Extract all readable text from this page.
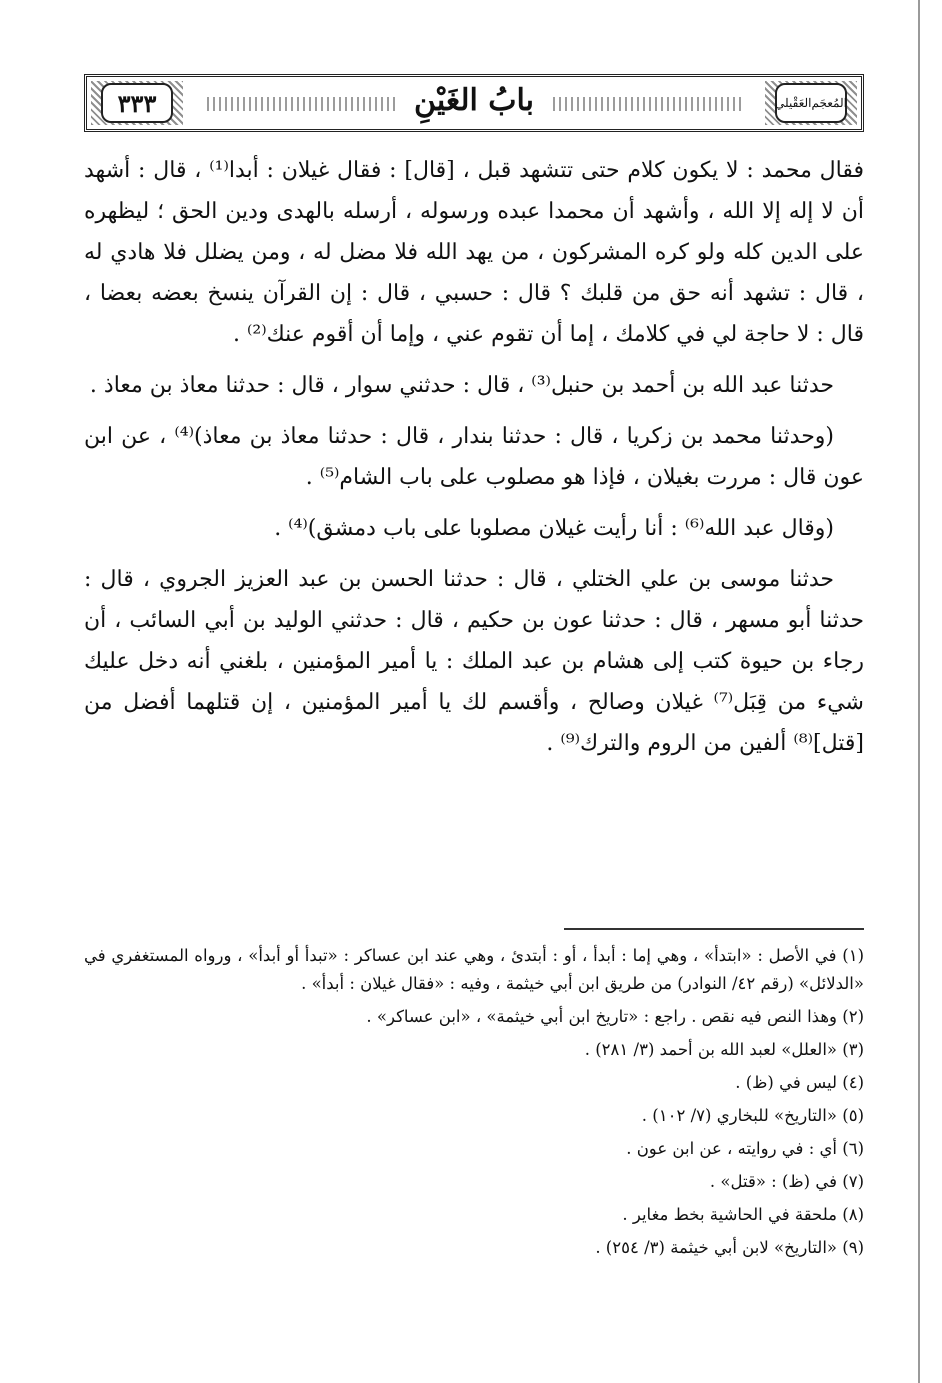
٣٣٣	المُعجَم

العَقْيلي
بابُ الغَيْنِ

فقال محمد : لا يكون كلام حتى تتشهد قبل ، [قال] : فقال غيلان : أبدا⁽¹⁾ ، قال : أشهد أن لا إله إلا الله ، وأشهد أن محمدا عبده ورسوله ، أرسله بالهدى ودين الحق ؛ ليظهره على الدين كله ولو كره المشركون ، من يهد الله فلا مضل له ، ومن يضلل فلا هادي له ، قال : تشهد أنه حق من قلبك ؟ قال : حسبي ، قال : إن القرآن ينسخ بعضه بعضا ، قال : لا حاجة لي في كلامك ، إما أن تقوم عني ، وإما أن أقوم عنك⁽²⁾ .

حدثنا عبد الله بن أحمد بن حنبل⁽³⁾ ، قال : حدثني سوار ، قال : حدثنا معاذ بن معاذ .

(وحدثنا محمد بن زكريا ، قال : حدثنا بندار ، قال : حدثنا معاذ بن معاذ)⁽⁴⁾ ، عن ابن عون قال : مررت بغيلان ، فإذا هو مصلوب على باب الشام⁽⁵⁾ .

(وقال عبد الله⁽⁶⁾ : أنا رأيت غيلان مصلوبا على باب دمشق)⁽⁴⁾ .

حدثنا موسى بن علي الختلي ، قال : حدثنا الحسن بن عبد العزيز الجروي ، قال : حدثنا أبو مسهر ، قال : حدثنا عون بن حكيم ، قال : حدثني الوليد بن أبي السائب ، أن رجاء بن حيوة كتب إلى هشام بن عبد الملك : يا أمير المؤمنين ، بلغني أنه دخل عليك شيء من قِبَل⁽⁷⁾ غيلان وصالح ، وأقسم لك يا أمير المؤمنين ، إن قتلهما أفضل من [قتل]⁽⁸⁾ ألفين من الروم والترك⁽⁹⁾ .

(١) في الأصل : «ابتدأ» ، وهي إما : أبدأ ، أو : أبتدئ ، وهي عند ابن عساكر : «تبدأ أو أبدأ» ، ورواه المستغفري في «الدلائل» (رقم ٤٢/ النوادر) من طريق ابن أبي خيثمة ، وفيه : «فقال غيلان : أبدأ» .

(٢) وهذا النص فيه نقص . راجع : «تاريخ ابن أبي خيثمة» ، «ابن عساكر» .

(٣) «العلل» لعبد الله بن أحمد (٣/ ٢٨١) .

(٤) ليس في (ظ) .

(٥) «التاريخ» للبخاري (٧/ ١٠٢) .

(٦) أي : في روايته ، عن ابن عون .

(٧) في (ظ) : «قتل» .

(٨) ملحقة في الحاشية بخط مغاير .

(٩) «التاريخ» لابن أبي خيثمة (٣/ ٢٥٤) .
